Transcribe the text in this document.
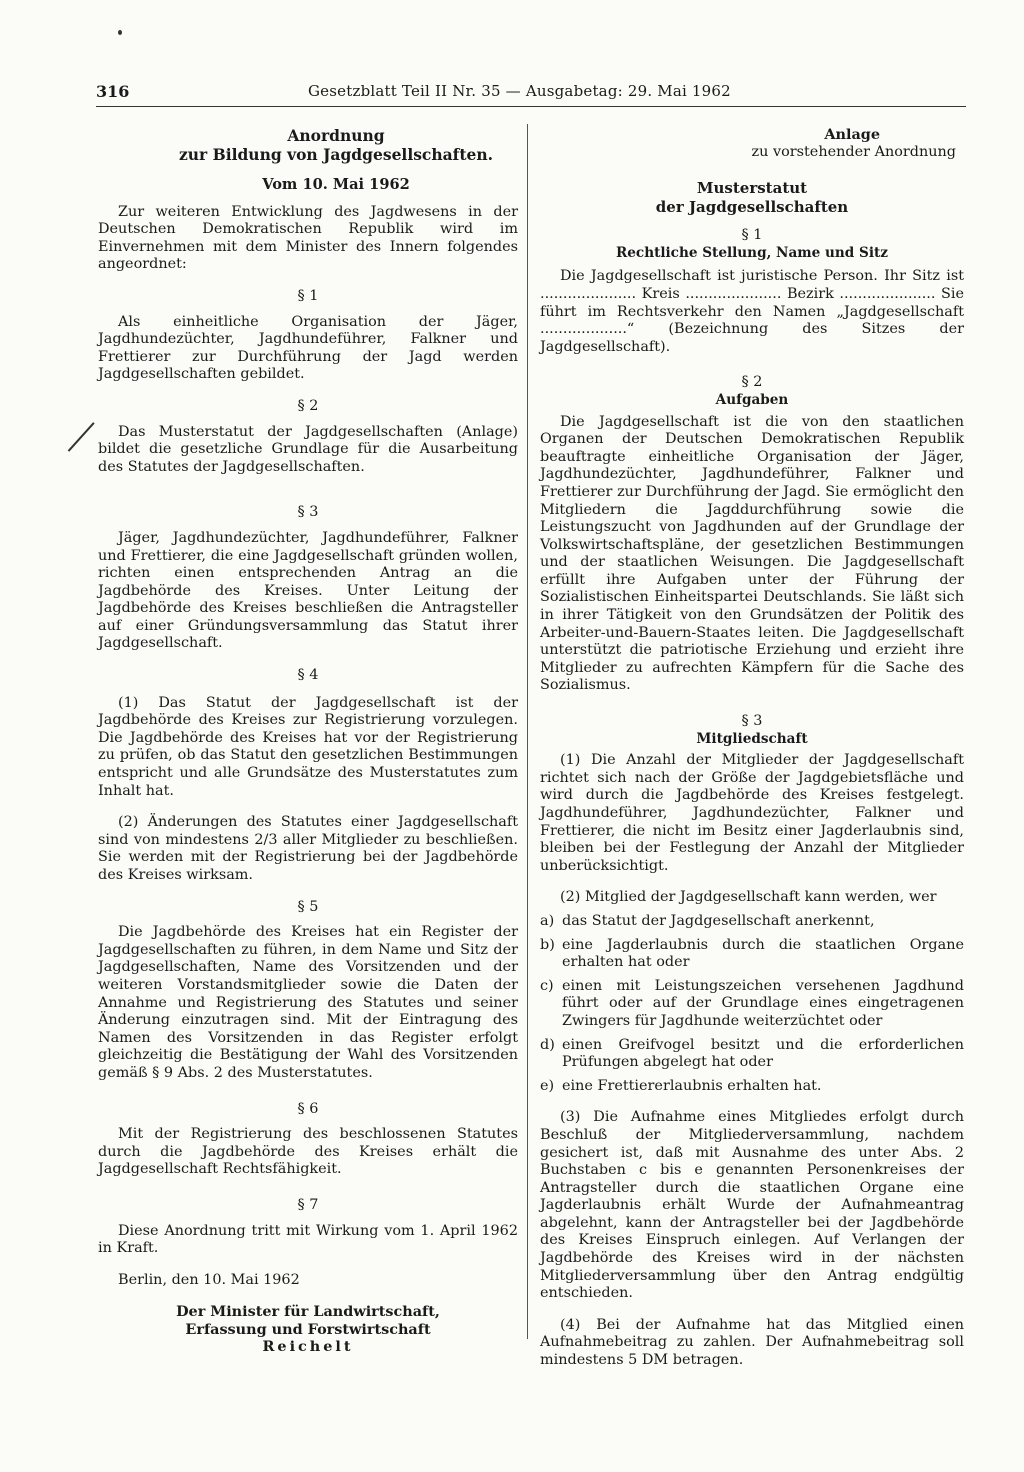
316	Gesetzblatt Teil II Nr. 35 — Ausgabetag: 29. Mai 1962
Anordnung
zur Bildung von Jagdgesellschaften.
Vom 10. Mai 1962

Zur weiteren Entwicklung des Jagdwesens in der Deutschen Demokratischen Republik wird im Einvernehmen mit dem Minister des Innern folgendes angeordnet:

§ 1

Als einheitliche Organisation der Jäger, Jagdhundezüchter, Jagdhundeführer, Falkner und Frettierer zur Durchführung der Jagd werden Jagdgesellschaften gebildet.

§ 2

Das Musterstatut der Jagdgesellschaften (Anlage) bildet die gesetzliche Grundlage für die Ausarbeitung des Statutes der Jagdgesellschaften.

§ 3

Jäger, Jagdhundezüchter, Jagdhundeführer, Falkner und Frettierer, die eine Jagdgesellschaft gründen wollen, richten einen entsprechenden Antrag an die Jagdbehörde des Kreises. Unter Leitung der Jagdbehörde des Kreises beschließen die Antragsteller auf einer Gründungsversammlung das Statut ihrer Jagdgesellschaft.

§ 4

(1) Das Statut der Jagdgesellschaft ist der Jagdbehörde des Kreises zur Registrierung vorzulegen. Die Jagdbehörde des Kreises hat vor der Registrierung zu prüfen, ob das Statut den gesetzlichen Bestimmungen entspricht und alle Grundsätze des Musterstatutes zum Inhalt hat.

(2) Änderungen des Statutes einer Jagdgesellschaft sind von mindestens 2/3 aller Mitglieder zu beschließen. Sie werden mit der Registrierung bei der Jagdbehörde des Kreises wirksam.

§ 5

Die Jagdbehörde des Kreises hat ein Register der Jagdgesellschaften zu führen, in dem Name und Sitz der Jagdgesellschaften, Name des Vorsitzenden und der weiteren Vorstandsmitglieder sowie die Daten der Annahme und Registrierung des Statutes und seiner Änderung einzutragen sind. Mit der Eintragung des Namen des Vorsitzenden in das Register erfolgt gleichzeitig die Bestätigung der Wahl des Vorsitzenden gemäß § 9 Abs. 2 des Musterstatutes.

§ 6

Mit der Registrierung des beschlossenen Statutes durch die Jagdbehörde des Kreises erhält die Jagdgesellschaft Rechtsfähigkeit.

§ 7

Diese Anordnung tritt mit Wirkung vom 1. April 1962 in Kraft.

Berlin, den 10. Mai 1962

Der Minister für Landwirtschaft,
Erfassung und Forstwirtschaft
Reichelt
Anlage
zu vorstehender Anordnung
Musterstatut
der Jagdgesellschaften
§ 1
Rechtliche Stellung, Name und Sitz

Die Jagdgesellschaft ist juristische Person. Ihr Sitz ist ..................... Kreis ..................... Bezirk ..................... Sie führt im Rechtsverkehr den Namen „Jagdgesellschaft ...................“ (Bezeichnung des Sitzes der Jagdgesellschaft).

§ 2
Aufgaben

Die Jagdgesellschaft ist die von den staatlichen Organen der Deutschen Demokratischen Republik beauftragte einheitliche Organisation der Jäger, Jagdhundezüchter, Jagdhundeführer, Falkner und Frettierer zur Durchführung der Jagd. Sie ermöglicht den Mitgliedern die Jagddurchführung sowie die Leistungszucht von Jagdhunden auf der Grundlage der Volkswirtschaftspläne, der gesetzlichen Bestimmungen und der staatlichen Weisungen. Die Jagdgesellschaft erfüllt ihre Aufgaben unter der Führung der Sozialistischen Einheitspartei Deutschlands. Sie läßt sich in ihrer Tätigkeit von den Grundsätzen der Politik des Arbeiter-und-Bauern-Staates leiten. Die Jagdgesellschaft unterstützt die patriotische Erziehung und erzieht ihre Mitglieder zu aufrechten Kämpfern für die Sache des Sozialismus.

§ 3
Mitgliedschaft

(1) Die Anzahl der Mitglieder der Jagdgesellschaft richtet sich nach der Größe der Jagdgebietsfläche und wird durch die Jagdbehörde des Kreises festgelegt. Jagdhundeführer, Jagdhundezüchter, Falkner und Frettierer, die nicht im Besitz einer Jagderlaubnis sind, bleiben bei der Festlegung der Anzahl der Mitglieder unberücksichtigt.

(2) Mitglied der Jagdgesellschaft kann werden, wer

a) das Statut der Jagdgesellschaft anerkennt,
b) eine Jagderlaubnis durch die staatlichen Organe erhalten hat oder
c) einen mit Leistungszeichen versehenen Jagdhund führt oder auf der Grundlage eines eingetragenen Zwingers für Jagdhunde weiterzüchtet oder
d) einen Greifvogel besitzt und die erforderlichen Prüfungen abgelegt hat oder
e) eine Frettiererlaubnis erhalten hat.

(3) Die Aufnahme eines Mitgliedes erfolgt durch Beschluß der Mitgliederversammlung, nachdem gesichert ist, daß mit Ausnahme des unter Abs. 2 Buchstaben c bis e genannten Personenkreises der Antragsteller durch die staatlichen Organe eine Jagderlaubnis erhält Wurde der Aufnahmeantrag abgelehnt, kann der Antragsteller bei der Jagdbehörde des Kreises Einspruch einlegen. Auf Verlangen der Jagdbehörde des Kreises wird in der nächsten Mitgliederversammlung über den Antrag endgültig entschieden.

(4) Bei der Aufnahme hat das Mitglied einen Aufnahmebeitrag zu zahlen. Der Aufnahmebeitrag soll mindestens 5 DM betragen.
